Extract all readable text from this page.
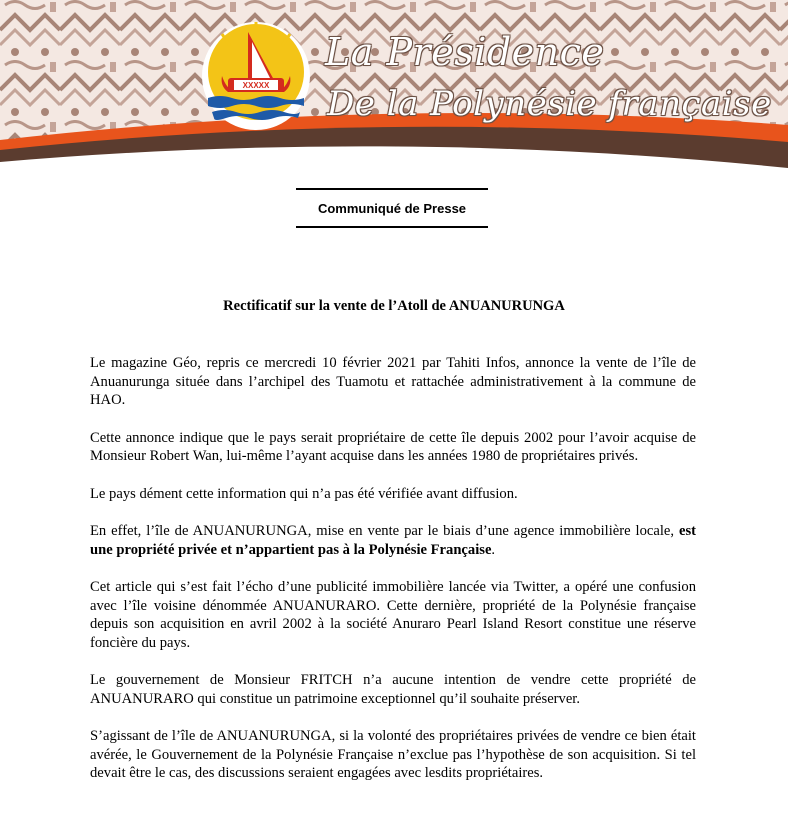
XXXXX
La Présidence
De la Polynésie française
Communiqué de Presse
Rectificatif sur la vente de l’Atoll de ANUANURUNGA

Le magazine Géo, repris ce mercredi 10 février 2021 par Tahiti Infos, annonce la vente de l’île de Anuanurunga située dans l’archipel des Tuamotu et rattachée administrativement à la commune de HAO.

Cette annonce indique que le pays serait propriétaire de cette île depuis 2002 pour l’avoir acquise de Monsieur Robert Wan, lui-même l’ayant acquise dans les années 1980 de propriétaires privés.

Le pays dément cette information qui n’a pas été vérifiée avant diffusion.

En effet, l’île de ANUANURUNGA, mise en vente par le biais d’une agence immobilière locale, est une propriété privée et n’appartient pas à la Polynésie Française.

Cet article qui s’est fait l’écho d’une publicité immobilière lancée via Twitter, a opéré une confusion avec l’île voisine dénommée ANUANURARO. Cette dernière, propriété de la Polynésie française depuis son acquisition en avril 2002 à la société Anuraro Pearl Island Resort constitue une réserve foncière du pays.

Le gouvernement de Monsieur FRITCH n’a aucune intention de vendre cette propriété de ANUANURARO qui constitue un patrimoine exceptionnel qu’il souhaite préserver.

S’agissant de l’île de ANUANURUNGA, si la volonté des propriétaires privées de vendre ce bien était avérée, le Gouvernement de la Polynésie Française n’exclue pas l’hypothèse de son acquisition. Si tel devait être le cas, des discussions seraient engagées avec lesdits propriétaires.
